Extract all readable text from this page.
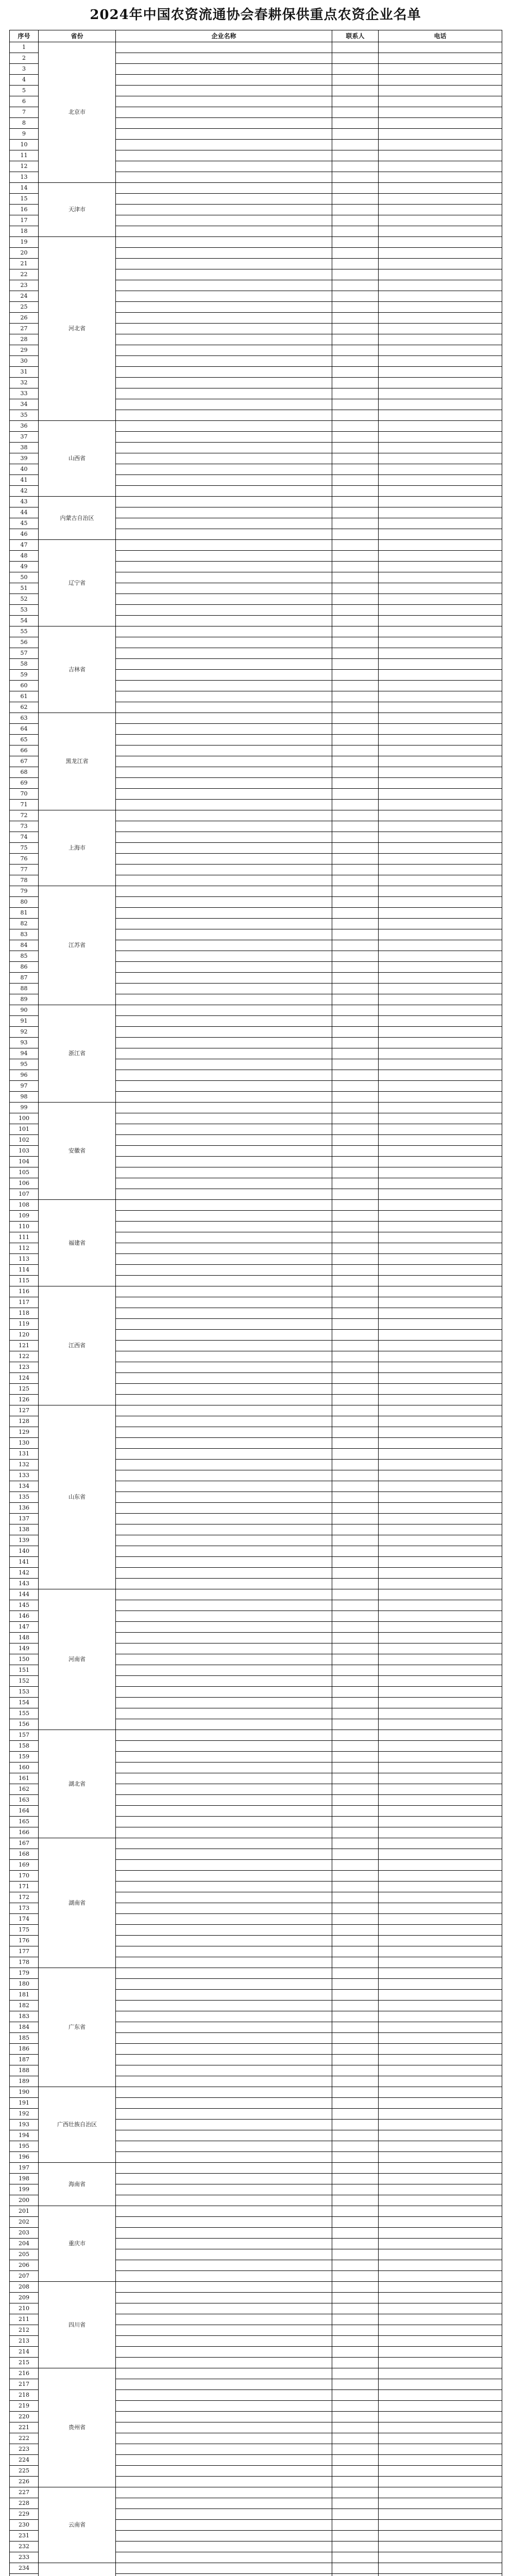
2024年中国农资流通协会春耕保供重点农资企业名单
序号	省份	企业名称	联系人	电话
1	北京市			
2				
3				
4				
5				
6				
7				
8				
9				
10				
11				
12				
13				
14	天津市			
15				
16				
17				
18				
19	河北省			
20				
21				
22				
23				
24				
25				
26				
27				
28				
29				
30				
31				
32				
33				
34				
35				
36	山西省			
37				
38				
39				
40				
41				
42				
43	内蒙古自治区			
44				
45				
46				
47	辽宁省			
48				
49				
50				
51				
52				
53				
54				
55	吉林省			
56				
57				
58				
59				
60				
61				
62				
63	黑龙江省			
64				
65				
66				
67				
68				
69				
70				
71				
72	上海市			
73				
74				
75				
76				
77				
78				
79	江苏省			
80				
81				
82				
83				
84				
85				
86				
87				
88				
89				
90	浙江省			
91				
92				
93				
94				
95				
96				
97				
98				
99	安徽省			
100				
101				
102				
103				
104				
105				
106				
107				
108	福建省			
109				
110				
111				
112				
113				
114				
115				
116	江西省			
117				
118				
119				
120				
121				
122				
123				
124				
125				
126				
127	山东省			
128				
129				
130				
131				
132				
133				
134				
135				
136				
137				
138				
139				
140				
141				
142				
143				
144	河南省			
145				
146				
147				
148				
149				
150				
151				
152				
153				
154				
155				
156				
157	湖北省			
158				
159				
160				
161				
162				
163				
164				
165				
166				
167	湖南省			
168				
169				
170				
171				
172				
173				
174				
175				
176				
177				
178				
179	广东省			
180				
181				
182				
183				
184				
185				
186				
187				
188				
189				
190	广西壮族自治区			
191				
192				
193				
194				
195				
196				
197	海南省			
198				
199				
200				
201	重庆市			
202				
203				
204				
205				
206				
207				
208	四川省			
209				
210				
211				
212				
213				
214				
215				
216	贵州省			
217				
218				
219				
220				
221				
222				
223				
224				
225				
226				
227	云南省			
228				
229				
230				
231				
232				
233				
234				
